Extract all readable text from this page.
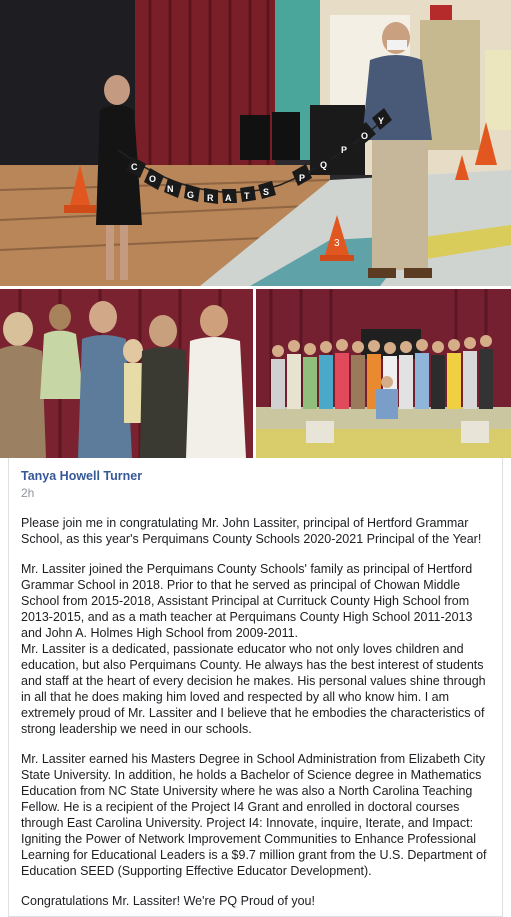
3
C
O
N
G R A T S
P
Q
P
O
Y
Tanya Howell Turner
2h

Please join me in congratulating Mr. John Lassiter, principal of Hertford Grammar School, as this year's Perquimans County Schools 2020-2021 Principal of the Year!

Mr. Lassiter joined the Perquimans County Schools' family as principal of Hertford Grammar School in 2018. Prior to that he served as principal of Chowan Middle School from 2015-2018, Assistant Principal at Currituck County High School from 2013-2015, and as a math teacher at Perquimans County High School 2011-2013 and John A. Holmes High School from 2009-2011.
Mr. Lassiter is a dedicated, passionate educator who not only loves children and education, but also Perquimans County. He always has the best interest of students and staff at the heart of every decision he makes. His personal values shine through in all that he does making him loved and respected by all who know him. I am extremely proud of Mr. Lassiter and I believe that he embodies the characteristics of strong leadership we need in our schools.

Mr. Lassiter earned his Masters Degree in School Administration from Elizabeth City State University. In addition, he holds a Bachelor of Science degree in Mathematics Education from NC State University where he was also a North Carolina Teaching Fellow. He is a recipient of the Project I4 Grant and enrolled in doctoral courses through East Carolina University. Project I4: Innovate, inquire, Iterate, and Impact: Igniting the Power of Network Improvement Communities to Enhance Professional Learning for Educational Leaders is a $9.7 million grant from the U.S. Department of Education SEED (Supporting Effective Educator Development).

Congratulations Mr. Lassiter! We're PQ Proud of you!
